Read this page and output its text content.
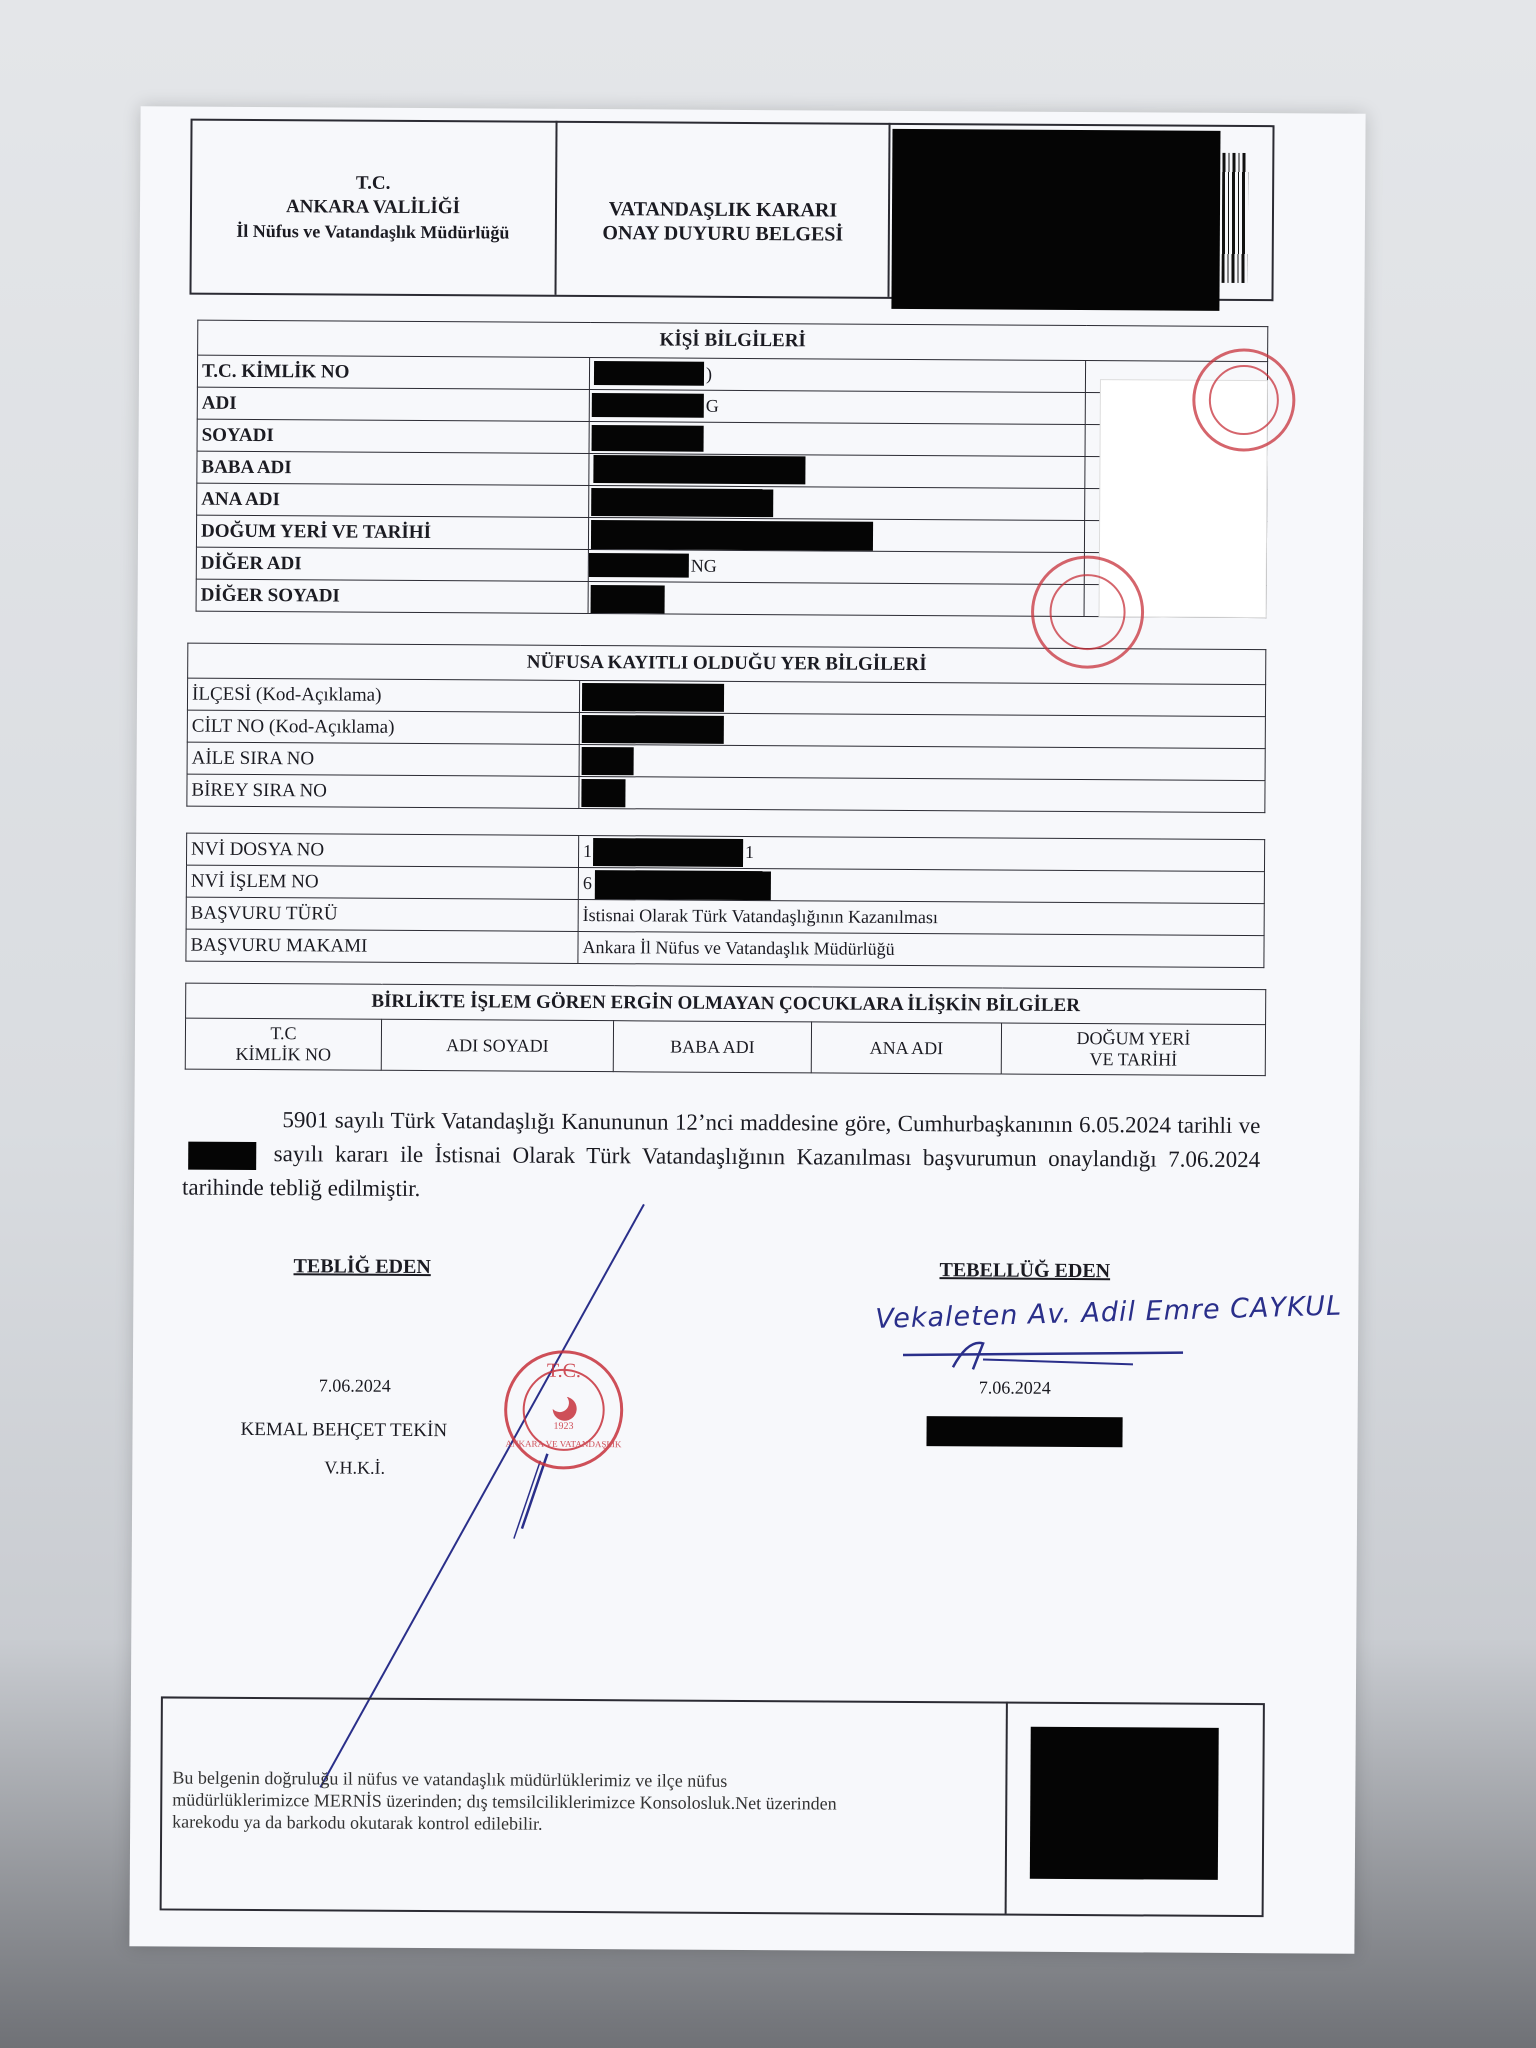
T.C.
ANKARA VALİLİĞİ
İl Nüfus ve Vatandaşlık Müdürlüğü
VATANDAŞLIK KARARI
ONAY DUYURU BELGESİ
KİŞİ BİLGİLERİ		
T.C. KİMLİK NO	)	

ADI	G	

SOYADI	

BABA ADI	

ANA ADI	

DOĞUM YERİ VE TARİHİ	

DİĞER ADI	NG	

DİĞER SOYADI	

NÜFUSA KAYITLI OLDUĞU YER BİLGİLERİ	
İLÇESİ (Kod-Açıklama)	

CİLT NO (Kod-Açıklama)	

AİLE SIRA NO	

BİREY SIRA NO	
NVİ DOSYA NO	1 1

NVİ İŞLEM NO	6

BAŞVURU TÜRÜ	İstisnai Olarak Türk Vatandaşlığının Kazanılması
BAŞVURU MAKAMI	Ankara İl Nüfus ve Vatandaşlık Müdürlüğü
BİRLİKTE İŞLEM GÖREN ERGİN OLMAYAN ÇOCUKLARA İLİŞKİN BİLGİLER

T.C
KİMLİK NO	ADI SOYADI	BABA ADI	ANA ADI	DOĞUM YERİ
VE TARİHİ
5901 sayılı Türk Vatandaşlığı Kanununun 12’nci maddesine göre, Cumhurbaşkanının 6.05.2024 tarihli ve  sayılı kararı ile İstisnai Olarak Türk Vatandaşlığının Kazanılması başvurumun onaylandığı 7.06.2024 tarihinde tebliğ edilmiştir.
TEBLİĞ EDEN	TEBELLÜĞ EDEN
7.06.2024	7.06.2024
KEMAL BEHÇET TEKİN
V.H.K.İ.
Vekaleten Av. Adil Emre CAYKUL
T.C.
1923
ANKARA VE VATANDAŞLIK
Bu belgenin doğruluğu il nüfus ve vatandaşlık müdürlüklerimiz ve ilçe nüfus
müdürlüklerimizce MERNİS üzerinden; dış temsilciliklerimizce Konsolosluk.Net üzerinden
karekodu ya da barkodu okutarak kontrol edilebilir.
